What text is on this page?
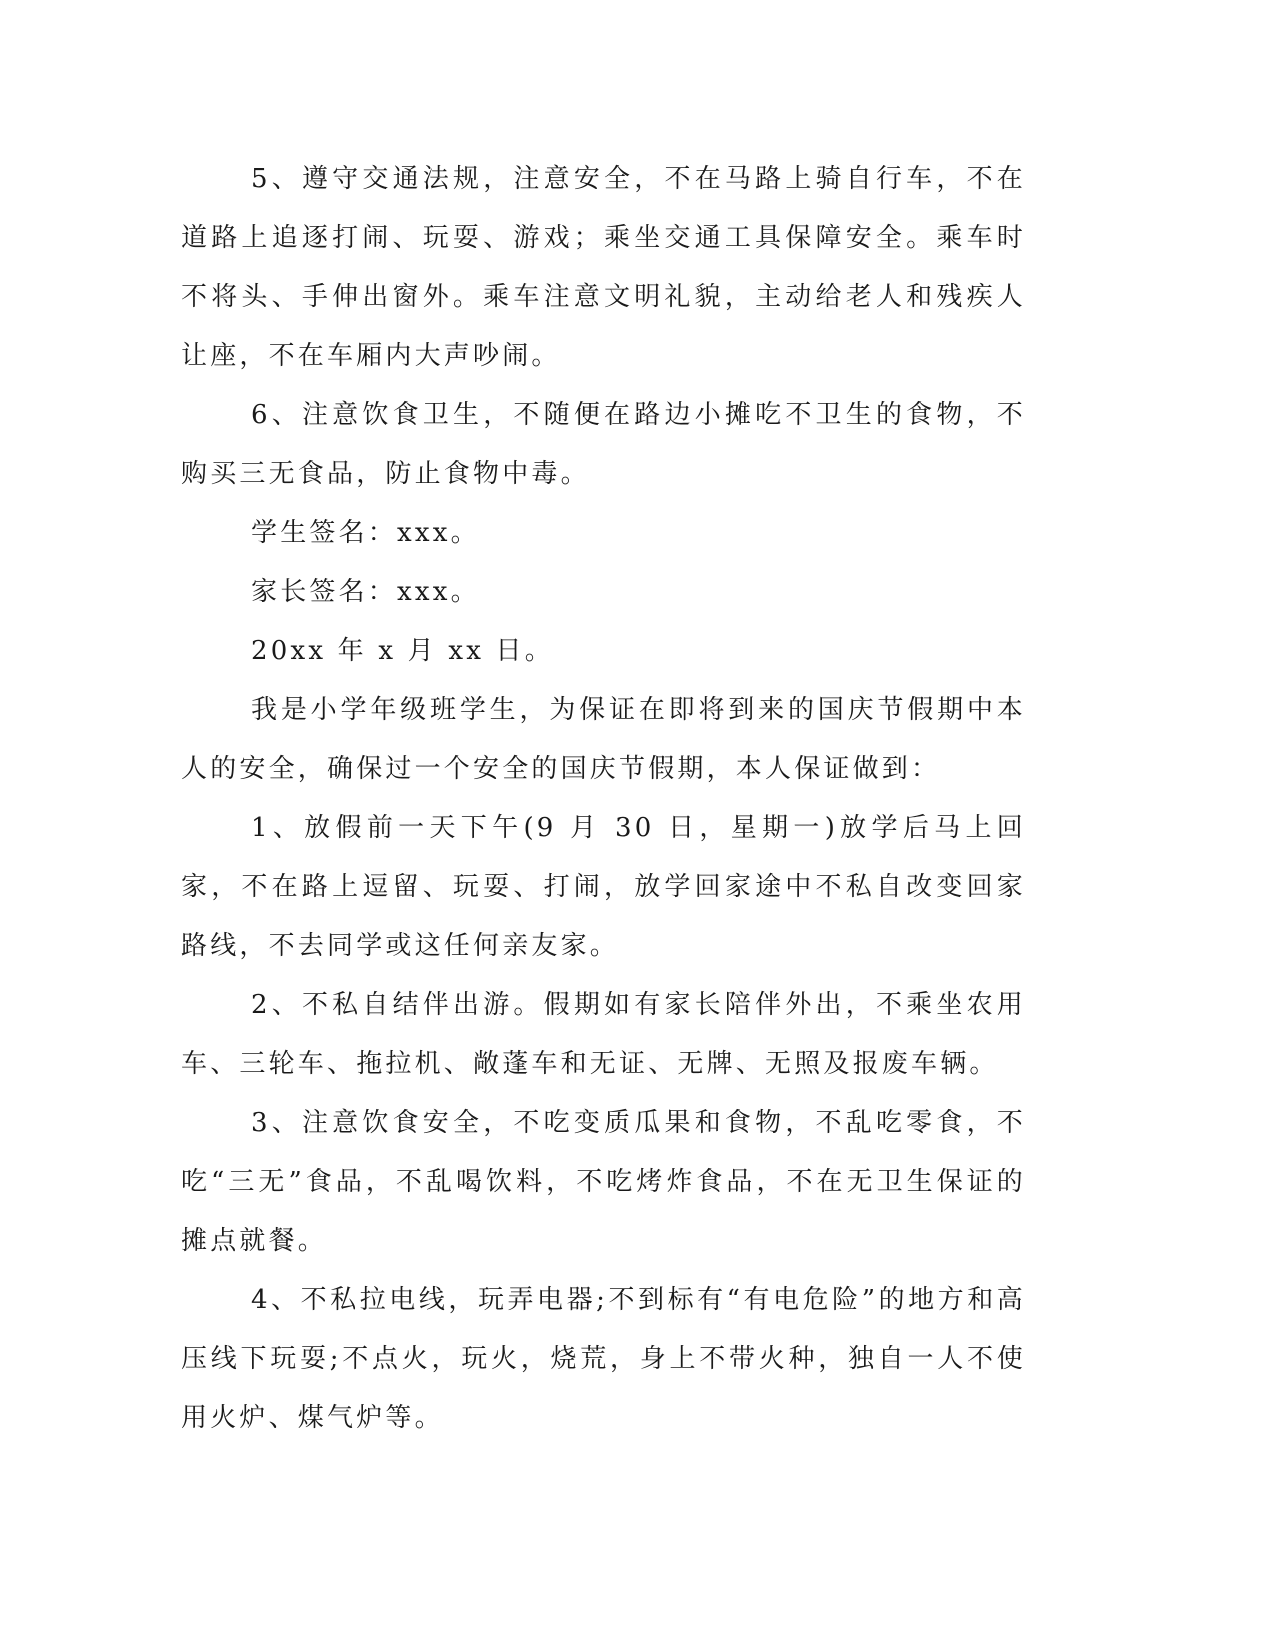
5、遵守交通法规，注意安全，不在马路上骑自行车，不在道路上追逐打闹、玩耍、游戏；乘坐交通工具保障安全。乘车时不将头、手伸出窗外。乘车注意文明礼貌，主动给老人和残疾人让座，不在车厢内大声吵闹。

6、注意饮食卫生，不随便在路边小摊吃不卫生的食物，不购买三无食品，防止食物中毒。

学生签名：xxx。

家长签名：xxx。

20xx 年 x 月 xx 日。

我是小学年级班学生，为保证在即将到来的国庆节假期中本人的安全，确保过一个安全的国庆节假期，本人保证做到：

1、放假前一天下午(9 月 30 日，星期一)放学后马上回家，不在路上逗留、玩耍、打闹，放学回家途中不私自改变回家路线，不去同学或这任何亲友家。

2、不私自结伴出游。假期如有家长陪伴外出，不乘坐农用车、三轮车、拖拉机、敞蓬车和无证、无牌、无照及报废车辆。

3、注意饮食安全，不吃变质瓜果和食物，不乱吃零食，不吃“三无”食品，不乱喝饮料，不吃烤炸食品，不在无卫生保证的摊点就餐。

4、不私拉电线，玩弄电器;不到标有“有电危险”的地方和高压线下玩耍;不点火，玩火，烧荒，身上不带火种，独自一人不使用火炉、煤气炉等。
